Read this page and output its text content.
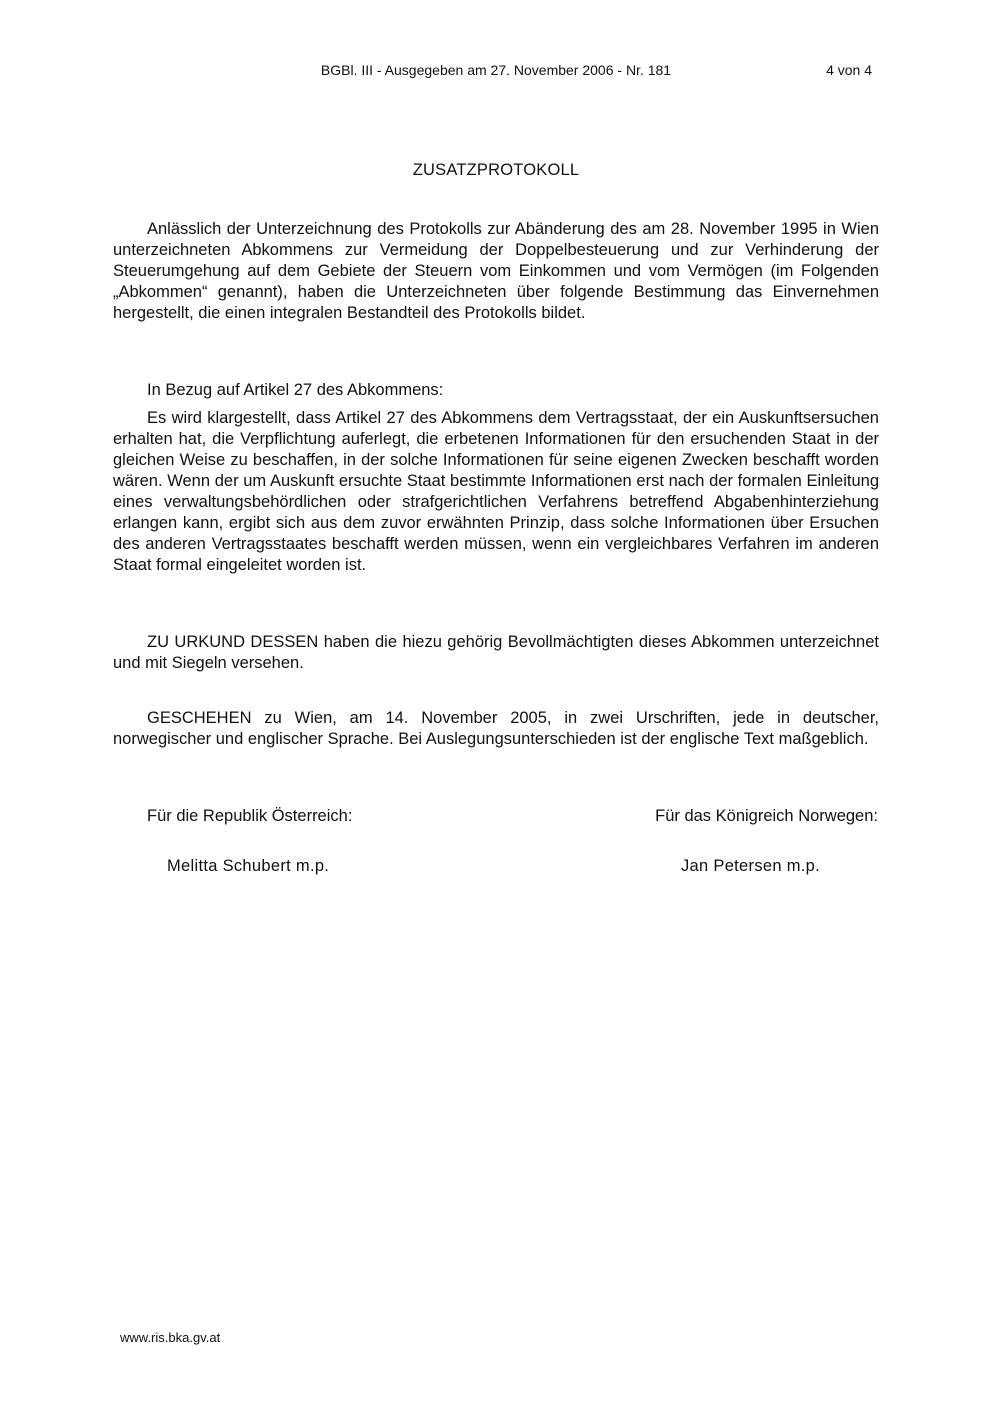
BGBl. III - Ausgegeben am 27. November 2006 - Nr. 181	4 von 4
ZUSATZPROTOKOLL

Anlässlich der Unterzeichnung des Protokolls zur Abänderung des am 28. November 1995 in Wien unterzeichneten Abkommens zur Vermeidung der Doppelbesteuerung und zur Verhinderung der Steuerumgehung auf dem Gebiete der Steuern vom Einkommen und vom Vermögen (im Folgenden „Abkommen“ genannt), haben die Unterzeichneten über folgende Bestimmung das Einvernehmen hergestellt, die einen integralen Bestandteil des Protokolls bildet.

In Bezug auf Artikel 27 des Abkommens:

Es wird klargestellt, dass Artikel 27 des Abkommens dem Vertragsstaat, der ein Auskunftsersuchen erhalten hat, die Verpflichtung auferlegt, die erbetenen Informationen für den ersuchenden Staat in der gleichen Weise zu beschaffen, in der solche Informationen für seine eigenen Zwecken beschafft worden wären. Wenn der um Auskunft ersuchte Staat bestimmte Informationen erst nach der formalen Einleitung eines verwaltungsbehördlichen oder strafgerichtlichen Verfahrens betreffend Abgabenhinterziehung erlangen kann, ergibt sich aus dem zuvor erwähnten Prinzip, dass solche Informationen über Ersuchen des anderen Vertragsstaates beschafft werden müssen, wenn ein vergleichbares Verfahren im anderen Staat formal eingeleitet worden ist.

ZU URKUND DESSEN haben die hiezu gehörig Bevollmächtigten dieses Abkommen unterzeichnet und mit Siegeln versehen.

GESCHEHEN zu Wien, am 14. November 2005, in zwei Urschriften, jede in deutscher, norwegischer und englischer Sprache. Bei Auslegungsunterschieden ist der englische Text maßgeblich.

Für die Republik Österreich:	Für das Königreich Norwegen:
Melitta Schubert m.p.	Jan Petersen m.p.
www.ris.bka.gv.at
